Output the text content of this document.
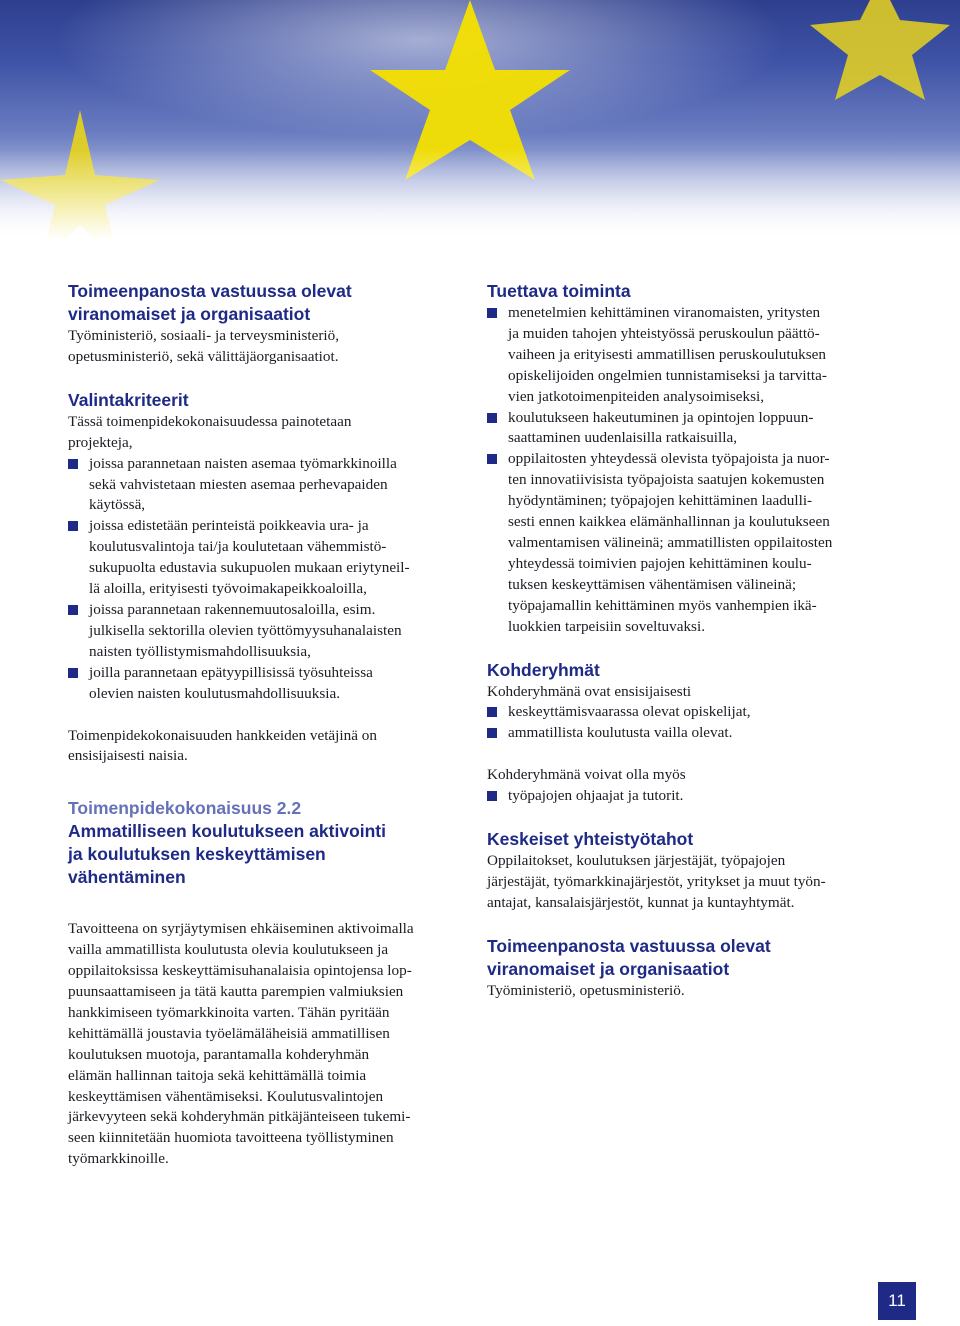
Toimeenpanosta vastuussa olevat
viranomaiset ja organisaatiot

Työministeriö, sosiaali- ja terveysministeriö,
opetusministeriö, sekä välittäjäorganisaatiot.

Valintakriteerit

Tässä toimenpidekokonaisuudessa painotetaan
projekteja,

joissa parannetaan naisten asemaa työmarkkinoilla
sekä vahvistetaan miesten asemaa perhevapaiden
käytössä,
joissa edistetään perinteistä poikkeavia ura- ja
koulutusvalintoja tai/ja koulutetaan vähemmistö-
sukupuolta edustavia sukupuolen mukaan eriytyneil-
lä aloilla, erityisesti työvoimakapeikkoaloilla,
joissa parannetaan rakennemuutosaloilla, esim.
julkisella sektorilla olevien työttömyysuhanalaisten
naisten työllistymismahdollisuuksia,
joilla parannetaan epätyypillisissä työsuhteissa
olevien naisten koulutusmahdollisuuksia.

Toimenpidekokonaisuuden hankkeiden vetäjinä on
ensisijaisesti naisia.

Toimenpidekokonaisuus 2.2
Ammatilliseen koulutukseen aktivointi
ja koulutuksen keskeyttämisen
vähentäminen

Tavoitteena on syrjäytymisen ehkäiseminen aktivoimalla
vailla ammatillista koulutusta olevia koulutukseen ja
oppilaitoksissa keskeyttämisuhanalaisia opintojensa lop-
puunsaattamiseen ja tätä kautta parempien valmiuksien
hankkimiseen työmarkkinoita varten. Tähän pyritään
kehittämällä joustavia työelämäläheisiä ammatillisen
koulutuksen muotoja, parantamalla kohderyhmän
elämän hallinnan taitoja sekä kehittämällä toimia
keskeyttämisen vähentämiseksi. Koulutusvalintojen
järkevyyteen sekä kohderyhmän pitkäjänteiseen tukemi-
seen kiinnitetään huomiota tavoitteena työllistyminen
työmarkkinoille.

Tuettava toiminta
menetelmien kehittäminen viranomaisten, yritysten
ja muiden tahojen yhteistyössä peruskoulun päättö-
vaiheen ja erityisesti ammatillisen peruskoulutuksen
opiskelijoiden ongelmien tunnistamiseksi ja tarvitta-
vien jatkotoimenpiteiden analysoimiseksi,
koulutukseen hakeutuminen ja opintojen loppuun-
saattaminen uudenlaisilla ratkaisuilla,
oppilaitosten yhteydessä olevista työpajoista ja nuor-
ten innovatiivisista työpajoista saatujen kokemusten
hyödyntäminen; työpajojen kehittäminen laadulli-
sesti ennen kaikkea elämänhallinnan ja koulutukseen
valmentamisen välineinä; ammatillisten oppilaitosten
yhteydessä toimivien pajojen kehittäminen koulu-
tuksen keskeyttämisen vähentämisen välineinä;
työpajamallin kehittäminen myös vanhempien ikä-
luokkien tarpeisiin soveltuvaksi.
Kohderyhmät

Kohderyhmänä ovat ensisijaisesti

keskeyttämisvaarassa olevat opiskelijat,
ammatillista koulutusta vailla olevat.

Kohderyhmänä voivat olla myös

työpajojen ohjaajat ja tutorit.
Keskeiset yhteistyötahot

Oppilaitokset, koulutuksen järjestäjät, työpajojen
järjestäjät, työmarkkinajärjestöt, yritykset ja muut työn-
antajat, kansalaisjärjestöt, kunnat ja kuntayhtymät.

Toimeenpanosta vastuussa olevat
viranomaiset ja organisaatiot

Työministeriö, opetusministeriö.

11
